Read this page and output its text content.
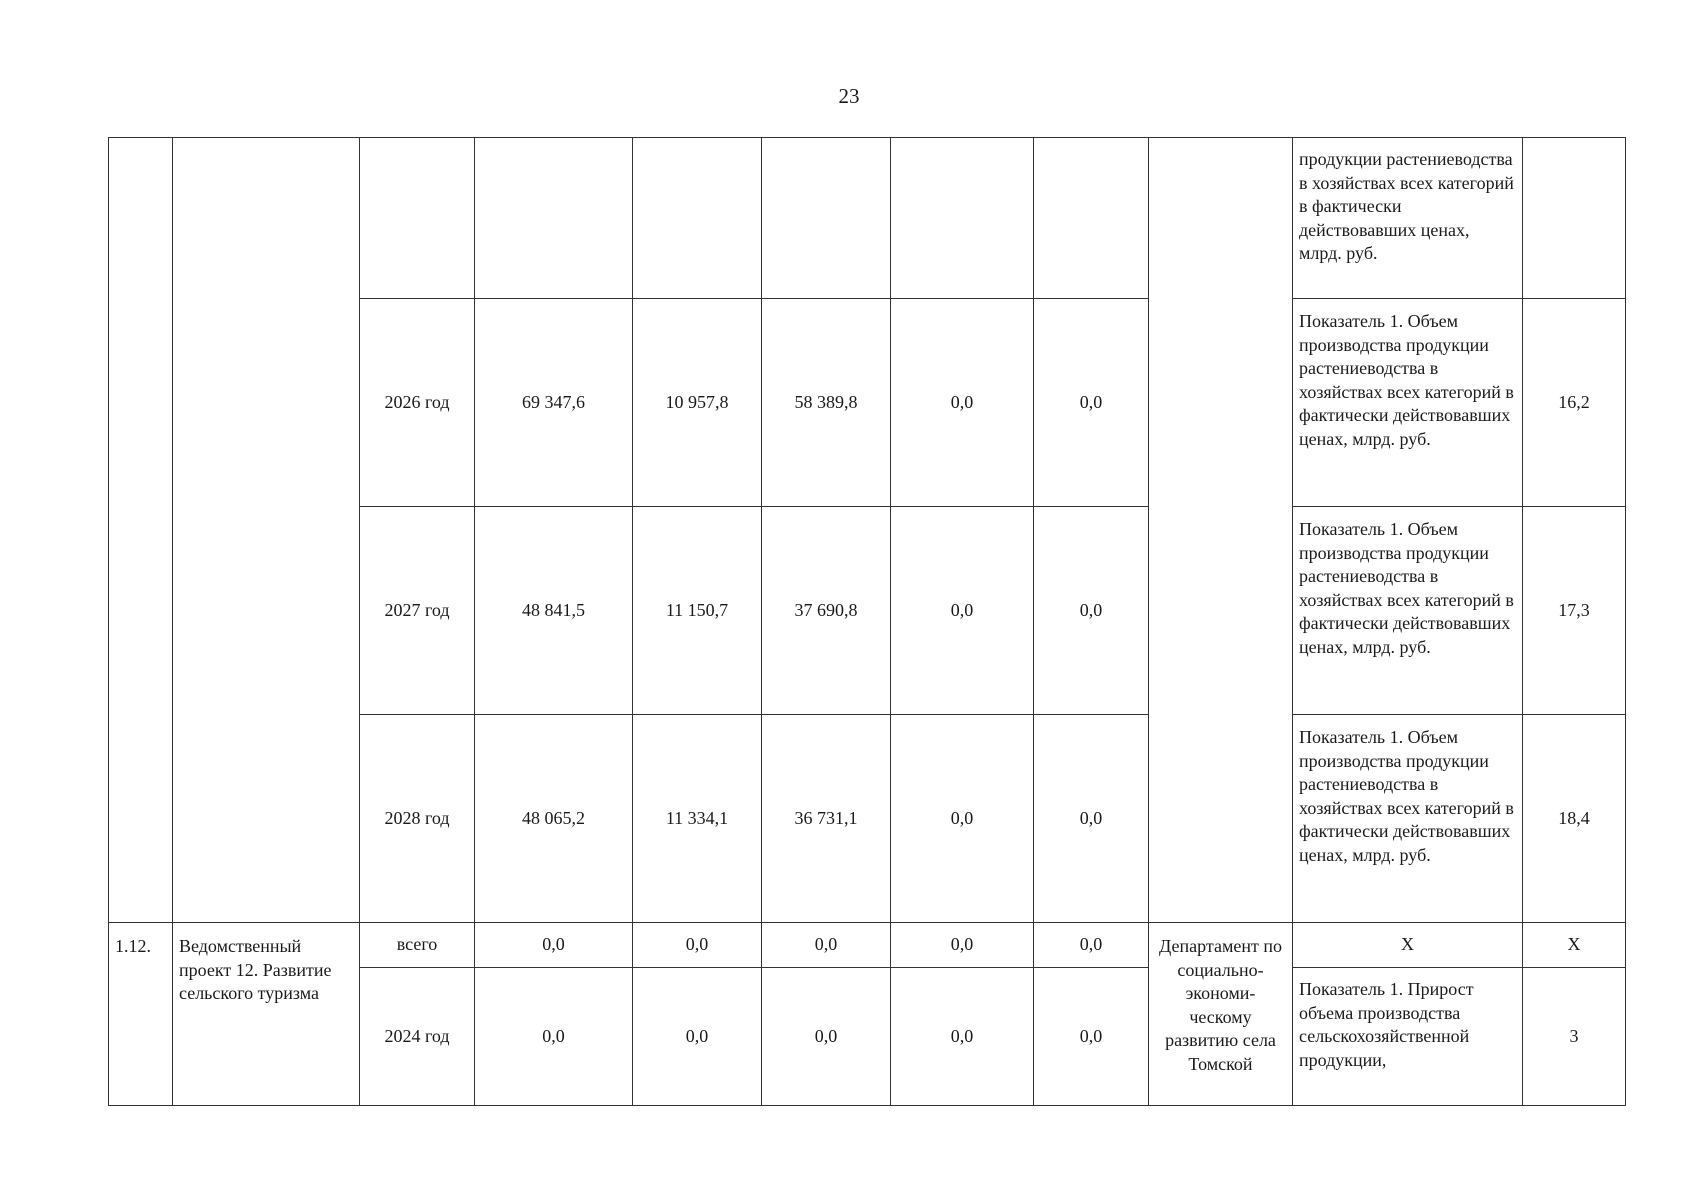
23
									продукции растениеводства в хозяйствах всех категорий в фактически действовавших ценах, млрд. руб.	
		2026 год	69 347,6	10 957,8	58 389,8	0,0	0,0		Показатель 1. Объем производства продукции растениеводства в хозяйствах всех категорий в фактически действовавших ценах, млрд. руб.	16,2
		2027 год	48 841,5	11 150,7	37 690,8	0,0	0,0		Показатель 1. Объем производства продукции растениеводства в хозяйствах всех категорий в фактически действовавших ценах, млрд. руб.	17,3
		2028 год	48 065,2	11 334,1	36 731,1	0,0	0,0		Показатель 1. Объем производства продукции растениеводства в хозяйствах всех категорий в фактически действовавших ценах, млрд. руб.	18,4
1.12.	Ведомственный проект 12. Развитие сельского туризма	всего	0,0	0,0	0,0	0,0	0,0	Департамент по социально-экономи-ческому развитию села Томской	Х	Х
		2024 год	0,0	0,0	0,0	0,0	0,0		Показатель 1. Прирост объема производства сельскохозяйственной продукции,	3
